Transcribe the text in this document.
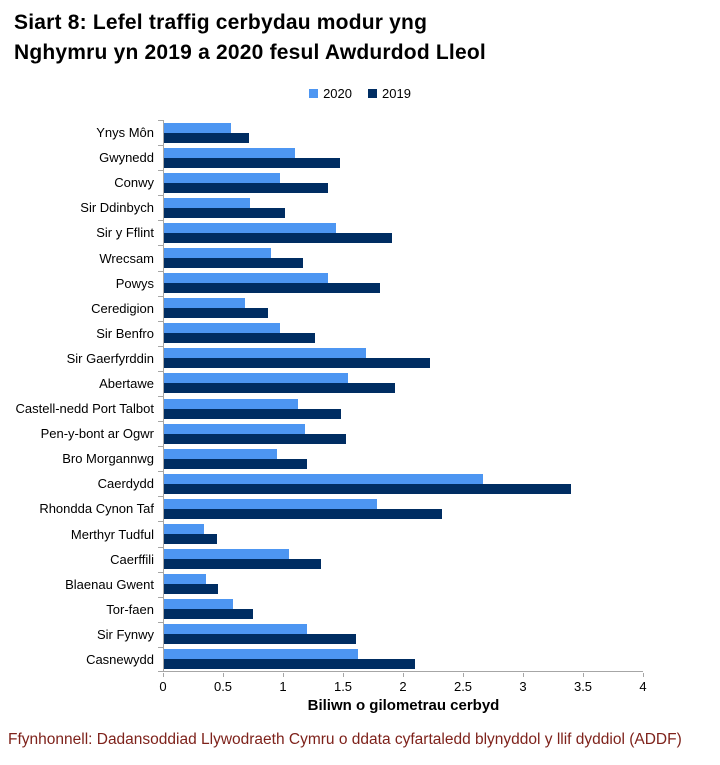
Siart 8: Lefel traffig cerbydau modur yng
Nghymru yn 2019 a 2020 fesul Awdurdod Lleol
2020 2019
Ynys Môn
Gwynedd
Conwy
Sir Ddinbych
Sir y Fflint
Wrecsam
Powys
Ceredigion
Sir Benfro
Sir Gaerfyrddin
Abertawe
Castell-nedd Port Talbot
Pen-y-bont ar Ogwr
Bro Morgannwg
Caerdydd
Rhondda Cynon Taf
Merthyr Tudful
Caerffili
Blaenau Gwent
Tor-faen
Sir Fynwy
Casnewydd
0	0.5	1	1.5	2	2.5	3	3.5	4
Biliwn o gilometrau cerbyd
Ffynhonnell: Dadansoddiad Llywodraeth Cymru o ddata cyfartaledd blynyddol y llif dyddiol (ADDF)
